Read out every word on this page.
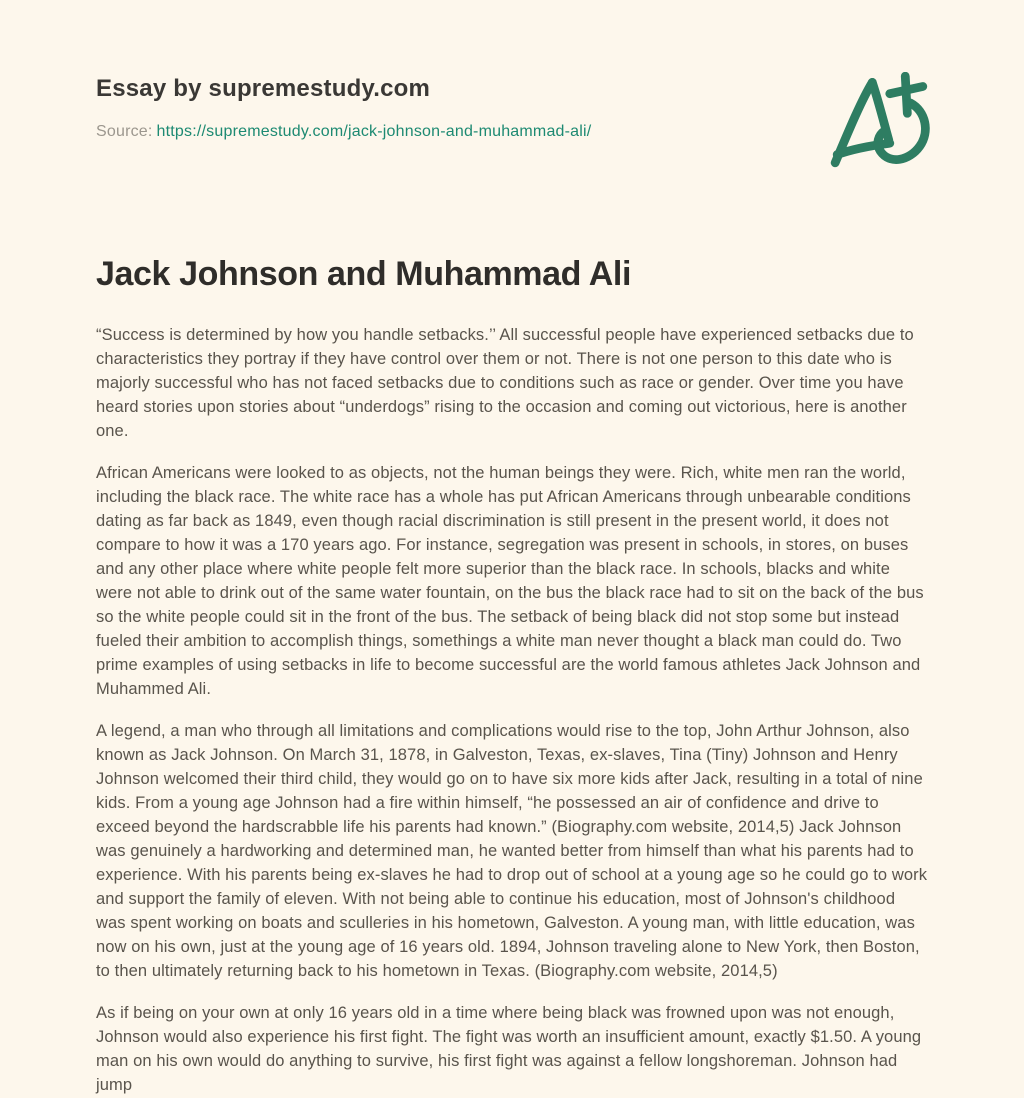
Essay by supremestudy.com
Source: https://supremestudy.com/jack-johnson-and-muhammad-ali/
Jack Johnson and Muhammad Ali

“Success is determined by how you handle setbacks.’’ All successful people have experienced setbacks due to characteristics they portray if they have control over them or not. There is not one person to this date who is majorly successful who has not faced setbacks due to conditions such as race or gender. Over time you have heard stories upon stories about “underdogs” rising to the occasion and coming out victorious, here is another one.

African Americans were looked to as objects, not the human beings they were. Rich, white men ran the world, including the black race. The white race has a whole has put African Americans through unbearable conditions dating as far back as 1849, even though racial discrimination is still present in the present world, it does not compare to how it was a 170 years ago. For instance, segregation was present in schools, in stores, on buses and any other place where white people felt more superior than the black race. In schools, blacks and white were not able to drink out of the same water fountain, on the bus the black race had to sit on the back of the bus so the white people could sit in the front of the bus. The setback of being black did not stop some but instead fueled their ambition to accomplish things, somethings a white man never thought a black man could do. Two prime examples of using setbacks in life to become successful are the world famous athletes Jack Johnson and Muhammed Ali.

A legend, a man who through all limitations and complications would rise to the top, John Arthur Johnson, also known as Jack Johnson. On March 31, 1878, in Galveston, Texas, ex-slaves, Tina (Tiny) Johnson and Henry Johnson welcomed their third child, they would go on to have six more kids after Jack, resulting in a total of nine kids. From a young age Johnson had a fire within himself, “he possessed an air of confidence and drive to exceed beyond the hardscrabble life his parents had known.” (Biography.com website, 2014,5) Jack Johnson was genuinely a hardworking and determined man, he wanted better from himself than what his parents had to experience. With his parents being ex-slaves he had to drop out of school at a young age so he could go to work and support the family of eleven. With not being able to continue his education, most of Johnson's childhood was spent working on boats and sculleries in his hometown, Galveston. A young man, with little education, was now on his own, just at the young age of 16 years old. 1894, Johnson traveling alone to New York, then Boston, to then ultimately returning back to his hometown in Texas. (Biography.com website, 2014,5)

As if being on your own at only 16 years old in a time where being black was frowned upon was not enough, Johnson would also experience his first fight. The fight was worth an insufficient amount, exactly $1.50. A young man on his own would do anything to survive, his first fight was against a fellow longshoreman. Johnson had jump
